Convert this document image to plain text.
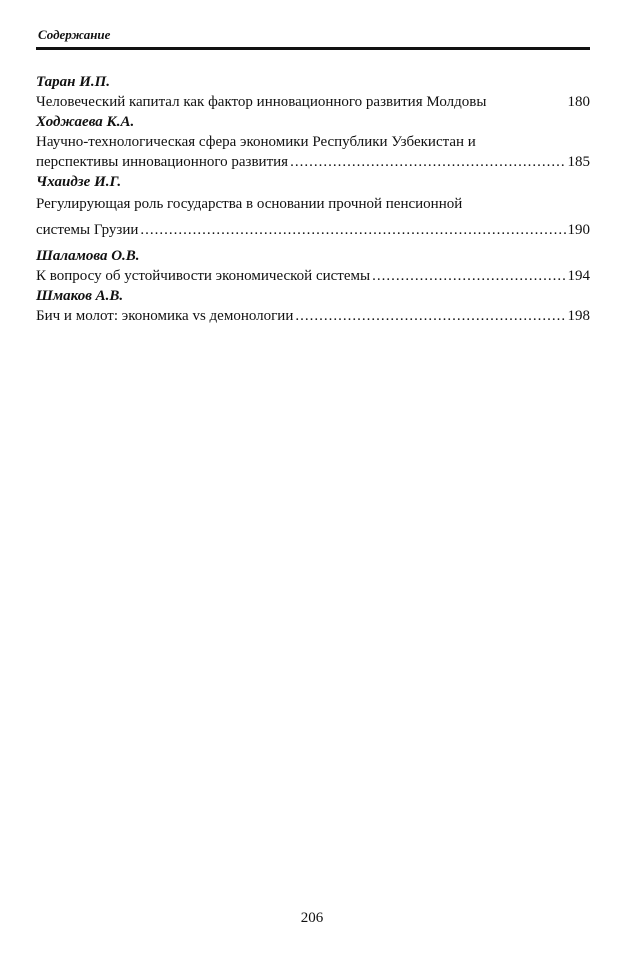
Содержание
Таран И.П.
Человеческий капитал как фактор инновационного развития Молдовы	180
Ходжаева К.А.
Научно-технологическая сфера экономики Республики Узбекистан и
перспективы инновационного развития .....	185
Чхаидзе И.Г.
Регулирующая роль государства в основании прочной пенсионной
системы Грузии .....	190
Шаламова О.В.
К вопросу об устойчивости экономической системы .....	194
Шмаков А.В.
Бич и молот: экономика vs демонологии .....	198
206
